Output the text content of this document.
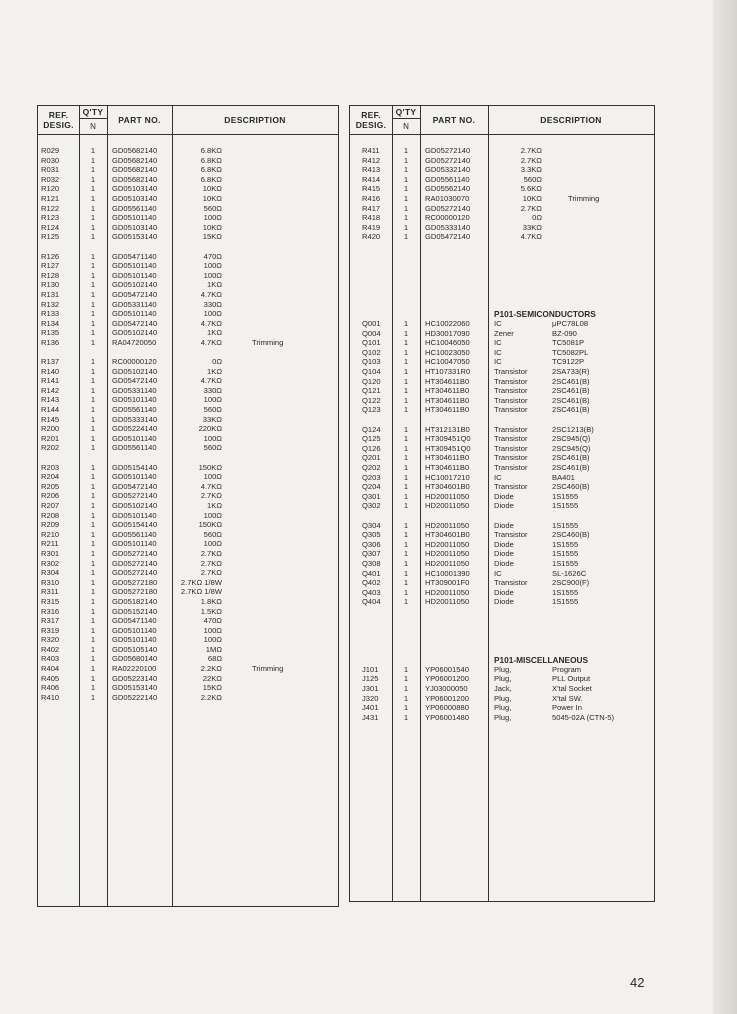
REF.
DESIG.
Q'TY
N
PART NO.	DESCRIPTION
R029	1	GD05682140	6.8KΩ
R030	1	GD05682140	6.8KΩ
R031	1	GD05682140	6.8KΩ
R032	1	GD05682140	6.8KΩ
R120	1	GD05103140	10KΩ
R121	1	GD05103140	10KΩ
R122	1	GD05561140	560Ω
R123	1	GD05101140	100Ω
R124	1	GD05103140	10KΩ
R125	1	GD05153140	15KΩ
R126	1	GD05471140	470Ω
R127	1	GD05101140	100Ω
R128	1	GD05101140	100Ω
R130	1	GD05102140	1KΩ
R131	1	GD05472140	4.7KΩ
R132	1	GD05331140	330Ω
R133	1	GD05101140	100Ω
R134	1	GD05472140	4.7KΩ
R135	1	GD05102140	1KΩ
R136	1	RA04720050	4.7KΩ	Trimming
R137	1	RC00000120	0Ω
R140	1	GD05102140	1KΩ
R141	1	GD05472140	4.7KΩ
R142	1	GD05331140	330Ω
R143	1	GD05101140	100Ω
R144	1	GD05561140	560Ω
R145	1	GD05333140	33KΩ
R200	1	GD05224140	220KΩ
R201	1	GD05101140	100Ω
R202	1	GD05561140	560Ω
R203	1	GD05154140	150KΩ
R204	1	GD05101140	100Ω
R205	1	GD05472140	4.7KΩ
R206	1	GD05272140	2.7KΩ
R207	1	GD05102140	1KΩ
R208	1	GD05101140	100Ω
R209	1	GD05154140	150KΩ
R210	1	GD05561140	560Ω
R211	1	GD05101140	100Ω
R301	1	GD05272140	2.7KΩ
R302	1	GD05272140	2.7KΩ
R304	1	GD05272140	2.7KΩ
R310	1	GD05272180	2.7KΩ 1/8W
R311	1	GD05272180	2.7KΩ 1/8W
R315	1	GD05182140	1.8KΩ
R316	1	GD05152140	1.5KΩ
R317	1	GD05471140	470Ω
R319	1	GD05101140	100Ω
R320	1	GD05101140	100Ω
R402	1	GD05105140	1MΩ
R403	1	GD05680140	68Ω
R404	1	RA02220100	2.2KΩ	Trimming
R405	1	GD05223140	22KΩ
R406	1	GD05153140	15KΩ
R410	1	GD05222140	2.2KΩ
REF.
DESIG.
Q'TY
N
PART NO.	DESCRIPTION
R411	1	GD05272140	2.7KΩ
R412	1	GD05272140	2.7KΩ
R413	1	GD05332140	3.3KΩ
R414	1	GD05561140	560Ω
R415	1	GD05562140	5.6KΩ
R416	1	RA01030070	10KΩ	Trimming
R417	1	GD05272140	2.7KΩ
R418	1	RC00000120	0Ω
R419	1	GD05333140	33KΩ
R420	1	GD05472140	4.7KΩ
P101-SEMICONDUCTORS
Q001	1	HC10022060	IC	μPC78L08
Q004	1	HD30017090	Zener	BZ-090
Q101	1	HC10046050	IC	TC5081P
Q102	1	HC10023050	IC	TC5082PL
Q103	1	HC10047050	IC	TC9122P
Q104	1	HT107331R0	Transistor	2SA733(R)
Q120	1	HT304611B0	Transistor	2SC461(B)
Q121	1	HT304611B0	Transistor	2SC461(B)
Q122	1	HT304611B0	Transistor	2SC461(B)
Q123	1	HT304611B0	Transistor	2SC461(B)
Q124	1	HT312131B0	Transistor	2SC1213(B)
Q125	1	HT309451Q0	Transistor	2SC945(Q)
Q126	1	HT309451Q0	Transistor	2SC945(Q)
Q201	1	HT304611B0	Transistor	2SC461(B)
Q202	1	HT304611B0	Transistor	2SC461(B)
Q203	1	HC10017210	IC	BA401
Q204	1	HT304601B0	Transistor	2SC460(B)
Q301	1	HD20011050	Diode	1S1555
Q302	1	HD20011050	Diode	1S1555
Q304	1	HD20011050	Diode	1S1555
Q305	1	HT304601B0	Transistor	2SC460(B)
Q306	1	HD20011050	Diode	1S1555
Q307	1	HD20011050	Diode	1S1555
Q308	1	HD20011050	Diode	1S1555
Q401	1	HC10001390	IC	SL-1626C
Q402	1	HT309001F0	Transistor	2SC900(F)
Q403	1	HD20011050	Diode	1S1555
Q404	1	HD20011050	Diode	1S1555
P101-MISCELLANEOUS
J101	1	YP06001540	Plug,	Program
J125	1	YP06001200	Plug,	PLL Output
J301	1	YJ03000050	Jack,	X'tal Socket
J320	1	YP06001200	Plug,	X'tal SW.
J401	1	YP06000880	Plug,	Power In
J431	1	YP06001480	Plug,	5045-02A (CTN-5)
42
